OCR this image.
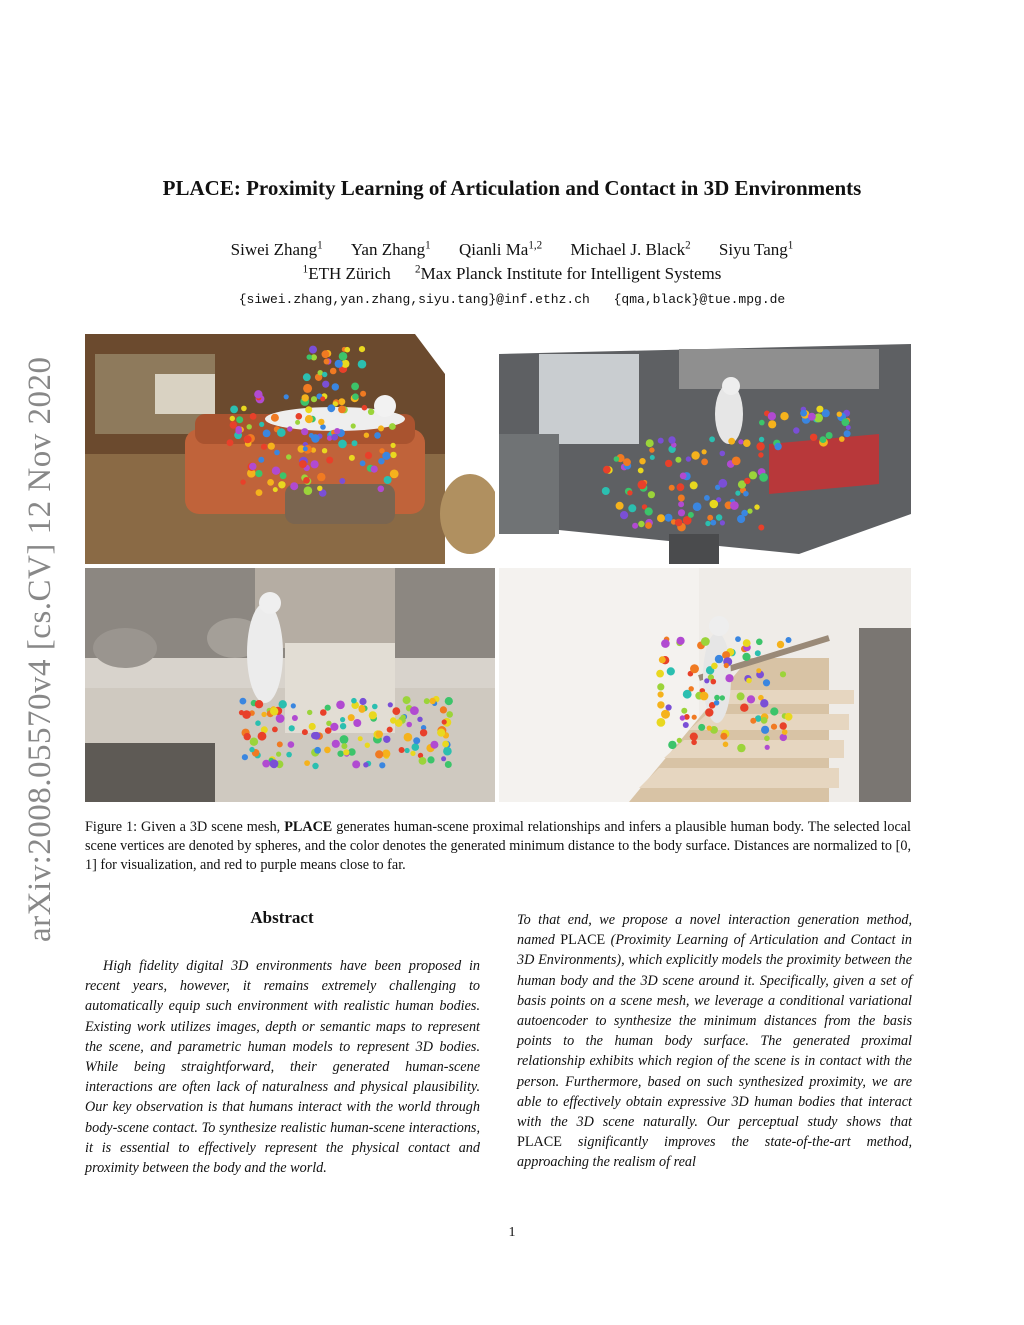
arXiv:2008.05570v4 [cs.CV] 12 Nov 2020
PLACE: Proximity Learning of Articulation and Contact in 3D Environments
Siwei Zhang$^1$ Yan Zhang$^1$ Qianli Ma$^{1,2}$ Michael J. Black$^2$ Siyu Tang$^1$
$^1$ETH Zürich $^2$Max Planck Institute for Intelligent Systems
{siwei.zhang,yan.zhang,siyu.tang}@inf.ethz.ch {qma,black}@tue.mpg.de
Figure 1: Given a 3D scene mesh, PLACE generates human-scene proximal relationships and infers a plausible human body. The selected local scene vertices are denoted by spheres, and the color denotes the generated minimum distance to the body surface. Distances are normalized to [0, 1] for visualization, and red to purple means close to far.
Abstract
High fidelity digital 3D environments have been proposed in recent years, however, it remains extremely challenging to automatically equip such environment with realistic human bodies. Existing work utilizes images, depth or semantic maps to represent the scene, and parametric human models to represent 3D bodies. While being straightforward, their generated human-scene interactions are often lack of naturalness and physical plausibility. Our key observation is that humans interact with the world through body-scene contact. To synthesize realistic human-scene interactions, it is essential to effectively represent the physical contact and proximity between the body and the world.
To that end, we propose a novel interaction generation method, named PLACE (Proximity Learning of Articulation and Contact in 3D Environments), which explicitly models the proximity between the human body and the 3D scene around it. Specifically, given a set of basis points on a scene mesh, we leverage a conditional variational autoencoder to synthesize the minimum distances from the basis points to the human body surface. The generated proximal relationship exhibits which region of the scene is in contact with the person. Furthermore, based on such synthesized proximity, we are able to effectively obtain expressive 3D human bodies that interact with the 3D scene naturally. Our perceptual study shows that PLACE significantly improves the state-of-the-art method, approaching the realism of real
1
